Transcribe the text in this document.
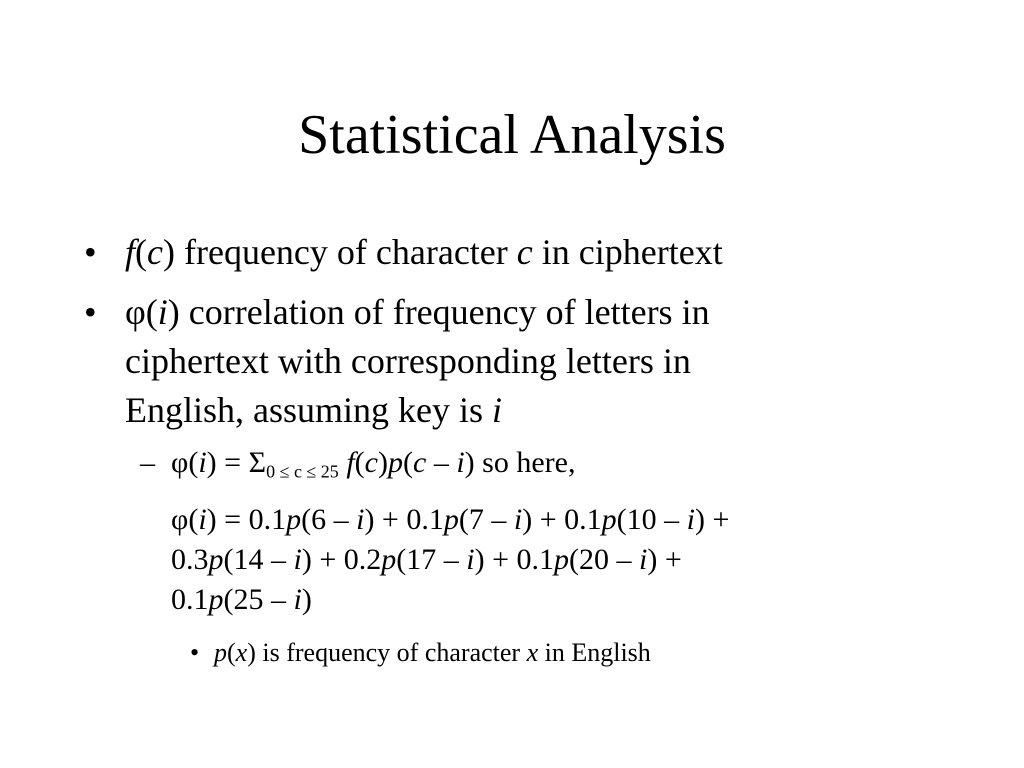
Statistical Analysis
• f(c) frequency of character c in ciphertext
• φ(i) correlation of frequency of letters in
ciphertext with corresponding letters in
English, assuming key is i
– $\varphi(i) = \Sigma_{0 \le c \le 25}$ f(c)p(c – i) so here,
φ(i) = 0.1p(6 – i) + 0.1p(7 – i) + 0.1p(10 – i) +
0.3p(14 – i) + 0.2p(17 – i) + 0.1p(20 – i) +
0.1p(25 – i)
• p(x) is frequency of character x in English
